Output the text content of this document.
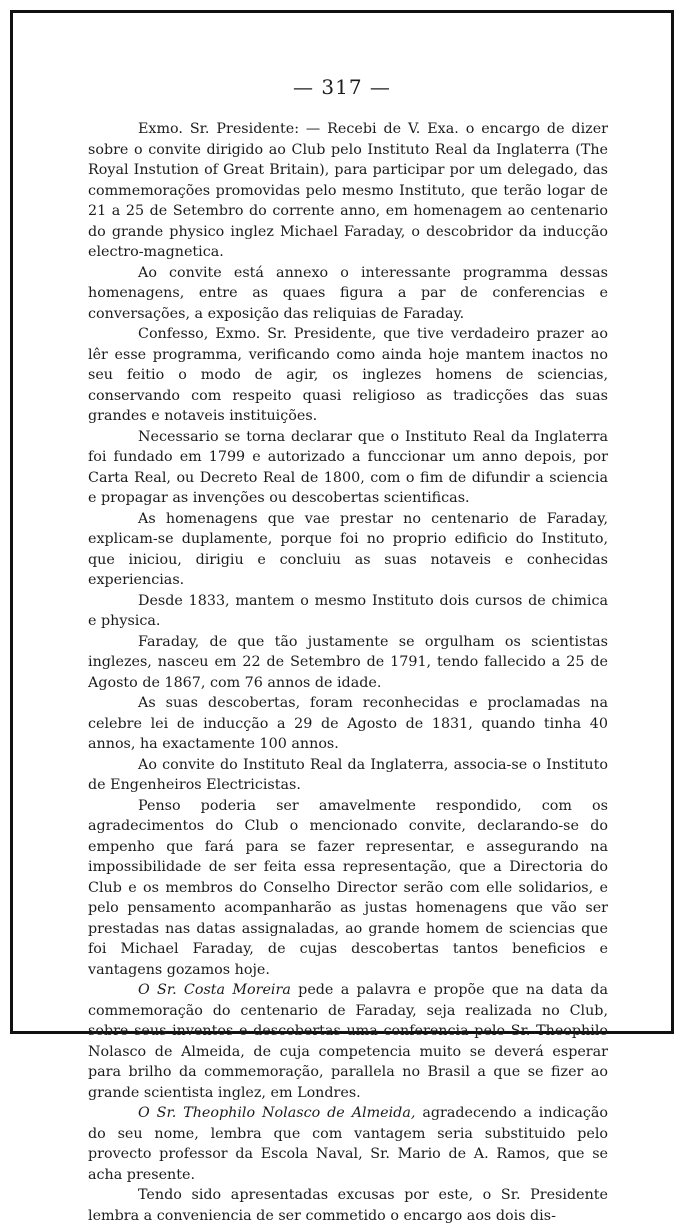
— 317 —

Exmo. Sr. Presidente: — Recebi de V. Exa. o encargo de dizer sobre o convite dirigido ao Club pelo Instituto Real da Inglaterra (The Royal Instution of Great Britain), para participar por um delegado, das commemorações promovidas pelo mesmo Instituto, que terão logar de 21 a 25 de Setembro do corrente anno, em homenagem ao centenario do grande physico inglez Michael Faraday, o descobridor da inducção electro-magnetica.

Ao convite está annexo o interessante programma dessas homenagens, entre as quaes figura a par de conferencias e conversações, a exposição das reliquias de Faraday.

Confesso, Exmo. Sr. Presidente, que tive verdadeiro prazer ao lêr esse programma, verificando como ainda hoje mantem inactos no seu feitio o modo de agir, os inglezes homens de sciencias, conservando com respeito quasi religioso as tradicções das suas grandes e notaveis instituições.

Necessario se torna declarar que o Instituto Real da Inglaterra foi fundado em 1799 e autorizado a funccionar um anno depois, por Carta Real, ou Decreto Real de 1800, com o fim de difundir a sciencia e propagar as invenções ou descobertas scientificas.

As homenagens que vae prestar no centenario de Faraday, explicam-se duplamente, porque foi no proprio edificio do Instituto, que iniciou, dirigiu e concluiu as suas notaveis e conhecidas experiencias.

Desde 1833, mantem o mesmo Instituto dois cursos de chimica e physica.

Faraday, de que tão justamente se orgulham os scientistas inglezes, nasceu em 22 de Setembro de 1791, tendo fallecido a 25 de Agosto de 1867, com 76 annos de idade.

As suas descobertas, foram reconhecidas e proclamadas na celebre lei de inducção a 29 de Agosto de 1831, quando tinha 40 annos, ha exactamente 100 annos.

Ao convite do Instituto Real da Inglaterra, associa-se o Instituto de Engenheiros Electricistas.

Penso poderia ser amavelmente respondido, com os agradecimentos do Club o mencionado convite, declarando-se do empenho que fará para se fazer representar, e assegurando na impossibilidade de ser feita essa representação, que a Directoria do Club e os membros do Conselho Director serão com elle solidarios, e pelo pensamento acompanharão as justas homenagens que vão ser prestadas nas datas assignaladas, ao grande homem de sciencias que foi Michael Faraday, de cujas descobertas tantos beneficios e vantagens gozamos hoje.

O Sr. Costa Moreira pede a palavra e propõe que na data da commemoração do centenario de Faraday, seja realizada no Club, sobre seus inventos e descobertas uma conferencia pelo Sr. Theophilo Nolasco de Almeida, de cuja competencia muito se deverá esperar para brilho da commemoração, parallela no Brasil a que se fizer ao grande scientista inglez, em Londres.

O Sr. Theophilo Nolasco de Almeida, agradecendo a indicação do seu nome, lembra que com vantagem seria substituido pelo provecto professor da Escola Naval, Sr. Mario de A. Ramos, que se acha presente.

Tendo sido apresentadas excusas por este, o Sr. Presidente lembra a conveniencia de ser commetido o encargo aos dois dis-
